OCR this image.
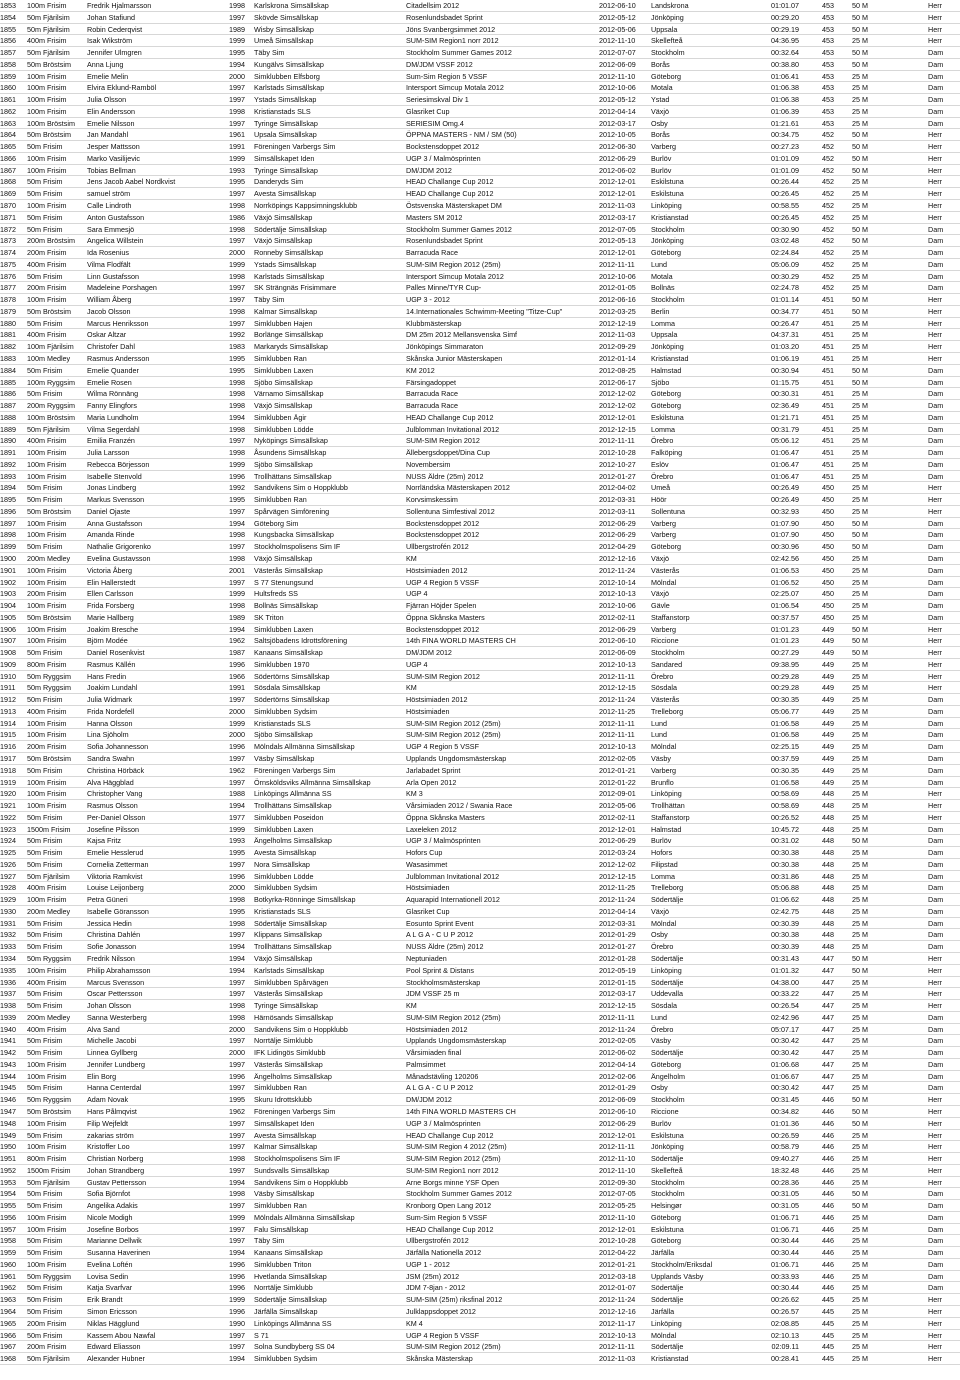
1853	100m Frisim	Fredrik Hjalmarsson	1998	Karlskrona Simsällskap	Citadellsim 2012	2012-06-10	Landskrona	01:01.07	453	50 M	Herr
1854	50m Fjärilsim	Johan Stafiund	1997	Skövde Simsällskap	Rosenlundsbadet Sprint	2012-05-12	Jönköping	00:29.20	453	50 M	Herr
1855	50m Fjärilsim	Robin Cederqvist	1989	Wisby Simsällskap	Jöns Svanbergsimmet 2012	2012-05-06	Uppsala	00:29.19	453	50 M	Herr
1856	400m Frisim	Isak Wikström	1999	Umeå Simsällskap	SUM-SIM Region1 norr 2012	2012-11-10	Skellefteå	04:36.95	453	25 M	Herr
1857	50m Fjärilsim	Jennifer Ulmgren	1995	Täby Sim	Stockholm Summer Games 2012	2012-07-07	Stockholm	00:32.64	453	50 M	Dam
1858	50m Bröstsim	Anna Ljung	1994	Kungälvs Simsällskap	DM/JDM VSSF 2012	2012-06-09	Borås	00:38.80	453	50 M	Dam
1859	100m Frisim	Emelie Melin	2000	Simklubben Elfsborg	Sum-Sim Region 5 VSSF	2012-11-10	Göteborg	01:06.41	453	25 M	Dam
1860	100m Frisim	Elvira Eklund-Ramböl	1997	Karlstads Simsällskap	Intersport Simcup Motala 2012	2012-10-06	Motala	01:06.38	453	25 M	Dam
1861	100m Frisim	Julia Olsson	1997	Ystads Simsällskap	Seriesimskval Div 1	2012-05-12	Ystad	01:06.38	453	25 M	Dam
1862	100m Frisim	Elin Andersson	1998	Kristianstads SLS	Glasriket Cup	2012-04-14	Växjö	01:06.39	453	25 M	Dam
1863	100m Bröstsim	Emelie Nilsson	1997	Tyringe Simsällskap	SERIESIM Omg.4	2012-03-17	Osby	01:21.61	453	25 M	Dam
1864	50m Bröstsim	Jan Mandahl	1961	Upsala Simsällskap	ÖPPNA MASTERS - NM / SM (50)	2012-10-05	Borås	00:34.75	452	50 M	Herr
1865	50m Frisim	Jesper Mattsson	1991	Föreningen Varbergs Sim	Bockstensdoppet 2012	2012-06-30	Varberg	00:27.23	452	50 M	Herr
1866	100m Frisim	Marko Vasilijevic	1999	Simsällskapet Iden	UGP 3 / Malmösprinten	2012-06-29	Burlöv	01:01.09	452	50 M	Herr
1867	100m Frisim	Tobias Bellman	1993	Tyringe Simsällskap	DM/JDM 2012	2012-06-02	Burlöv	01:01.09	452	50 M	Herr
1868	50m Frisim	Jens Jacob Aabel Nordkvist	1995	Danderyds Sim	HEAD Challange Cup 2012	2012-12-01	Eskilstuna	00:26.44	452	25 M	Herr
1869	50m Frisim	samuel ström	1997	Avesta Simsällskap	HEAD Challange Cup 2012	2012-12-01	Eskilstuna	00:26.45	452	25 M	Herr
1870	100m Frisim	Calle Lindroth	1998	Norrköpings Kappsimningsklubb	Östsvenska Mästerskapet DM	2012-11-03	Linköping	00:58.55	452	25 M	Herr
1871	50m Frisim	Anton Gustafsson	1986	Växjö Simsällskap	Masters SM 2012	2012-03-17	Kristianstad	00:26.45	452	25 M	Herr
1872	50m Frisim	Sara Emmesjö	1998	Södertälje Simsällskap	Stockholm Summer Games 2012	2012-07-05	Stockholm	00:30.90	452	50 M	Dam
1873	200m Bröstsim	Angelica Willstein	1997	Växjö Simsällskap	Rosenlundsbadet Sprint	2012-05-13	Jönköping	03:02.48	452	50 M	Dam
1874	200m Frisim	Ida Rosenius	2000	Ronneby Simsällskap	Barracuda Race	2012-12-01	Göteborg	02:24.84	452	25 M	Dam
1875	400m Frisim	Vilma Flodfält	1999	Ystads Simsällskap	SUM-SIM Region 2012 (25m)	2012-11-11	Lund	05:06.09	452	25 M	Dam
1876	50m Frisim	Linn Gustafsson	1998	Karlstads Simsällskap	Intersport Simcup Motala 2012	2012-10-06	Motala	00:30.29	452	25 M	Dam
1877	200m Frisim	Madeleine Porshagen	1997	SK Strängnäs Frisimmare	Palles Minne/TYR Cup-	2012-01-05	Bollnäs	02:24.78	452	25 M	Dam
1878	100m Frisim	William Åberg	1997	Täby Sim	UGP 3 - 2012	2012-06-16	Stockholm	01:01.14	451	50 M	Herr
1879	50m Bröstsim	Jacob Olsson	1998	Kalmar Simsällskap	14.Internationales Schwimm-Meeting "Titze-Cup"	2012-03-25	Berlin	00:34.77	451	50 M	Herr
1880	50m Frisim	Marcus Henriksson	1997	Simklubben Hajen	Klubbmästerskap	2012-12-19	Lomma	00:26.47	451	25 M	Herr
1881	400m Frisim	Oskar Altzar	1992	Borlänge Simsällskap	DM 25m 2012 Mellansvenska Simf	2012-11-03	Uppsala	04:37.31	451	25 M	Herr
1882	100m Fjärilsim	Christofer Dahl	1983	Markaryds Simsällskap	Jönköpings Simmaraton	2012-09-29	Jönköping	01:03.20	451	25 M	Herr
1883	100m Medley	Rasmus Andersson	1995	Simklubben Ran	Skånska Junior Mästerskapen	2012-01-14	Kristianstad	01:06.19	451	25 M	Herr
1884	50m Frisim	Emelie Quander	1995	Simklubben Laxen	KM 2012	2012-08-25	Halmstad	00:30.94	451	50 M	Dam
1885	100m Ryggsim	Emelie Rosen	1998	Sjöbo Simsällskap	Färsingadoppet	2012-06-17	Sjöbo	01:15.75	451	50 M	Dam
1886	50m Frisim	Wilma Rönnäng	1998	Värnamo Simsällskap	Barracuda Race	2012-12-02	Göteborg	00:30.31	451	25 M	Dam
1887	200m Ryggsim	Fanny Elingfors	1998	Växjö Simsällskap	Barracuda Race	2012-12-02	Göteborg	02:36.49	451	25 M	Dam
1888	100m Bröstsim	Maria Lundholm	1994	Simklubben Ägir	HEAD Challange Cup 2012	2012-12-01	Eskilstuna	01:21.71	451	25 M	Dam
1889	50m Fjärilsim	Vilma Segerdahl	1998	Simklubben Lödde	Julblomman Invitational 2012	2012-12-15	Lomma	00:31.79	451	25 M	Dam
1890	400m Frisim	Emilia Franzén	1997	Nyköpings Simsällskap	SUM-SIM Region 2012	2012-11-11	Örebro	05:06.12	451	25 M	Dam
1891	100m Frisim	Julia Larsson	1998	Åsundens Simsällskap	Ällebergsdoppet/Dina Cup	2012-10-28	Falköping	01:06.47	451	25 M	Dam
1892	100m Frisim	Rebecca Börjesson	1999	Sjöbo Simsällskap	Novembersim	2012-10-27	Eslöv	01:06.47	451	25 M	Dam
1893	100m Frisim	Isabelle Stenvold	1996	Trollhättans Simsällskap	NUSS Äldre (25m) 2012	2012-01-27	Örebro	01:06.47	451	25 M	Dam
1894	50m Frisim	Jonas Lindberg	1992	Sandvikens Sim o Hoppklubb	Norrländska Mästerskapen 2012	2012-04-02	Umeå	00:26.49	450	25 M	Herr
1895	50m Frisim	Markus Svensson	1995	Simklubben Ran	Korvsimskessim	2012-03-31	Höör	00:26.49	450	25 M	Herr
1896	50m Bröstsim	Daniel Ojaste	1997	Spårvägen Simförening	Sollentuna Simfestival 2012	2012-03-11	Sollentuna	00:32.93	450	25 M	Herr
1897	100m Frisim	Anna Gustafsson	1994	Göteborg Sim	Bockstensdoppet 2012	2012-06-29	Varberg	01:07.90	450	50 M	Dam
1898	100m Frisim	Amanda Rinde	1998	Kungsbacka Simsällskap	Bockstensdoppet 2012	2012-06-29	Varberg	01:07.90	450	50 M	Dam
1899	50m Frisim	Nathalie Grigorenko	1997	Stockholmspolisens Sim IF	Ullbergstrofén 2012	2012-04-29	Göteborg	00:30.96	450	50 M	Dam
1900	200m Medley	Evelina Gustavsson	1998	Växjö Simsällskap	KM	2012-12-16	Växjö	02:42.56	450	25 M	Dam
1901	100m Frisim	Victoria Åberg	2001	Västerås Simsällskap	Höstsimiaden 2012	2012-11-24	Västerås	01:06.53	450	25 M	Dam
1902	100m Frisim	Elin Hallerstedt	1997	S 77 Stenungsund	UGP 4 Region 5 VSSF	2012-10-14	Mölndal	01:06.52	450	25 M	Dam
1903	200m Frisim	Ellen Carlsson	1999	Hultsfreds SS	UGP 4	2012-10-13	Växjö	02:25.07	450	25 M	Dam
1904	100m Frisim	Frida Forsberg	1998	Bollnäs Simsällskap	Fjärran Höjder Spelen	2012-10-06	Gävle	01:06.54	450	25 M	Dam
1905	50m Bröstsim	Marie Hallberg	1989	SK Triton	Öppna Skånska Masters	2012-02-11	Staffanstorp	00:37.57	450	25 M	Dam
1906	100m Frisim	Joakim Bresche	1994	Simklubben Laxen	Bockstensdoppet 2012	2012-06-29	Varberg	01:01.23	449	50 M	Herr
1907	100m Frisim	Björn Modée	1962	Saltsjöbadens Idrottsförening	14th FINA WORLD MASTERS CH	2012-06-10	Riccione	01:01.23	449	50 M	Herr
1908	50m Frisim	Daniel Rosenkvist	1987	Kanaans Simsällskap	DM/JDM 2012	2012-06-09	Stockholm	00:27.29	449	50 M	Herr
1909	800m Frisim	Rasmus Källén	1996	Simklubben 1970	UGP 4	2012-10-13	Sandared	09:38.95	449	25 M	Herr
1910	50m Ryggsim	Hans Fredin	1966	Södertörns Simsällskap	SUM-SIM Region 2012	2012-11-11	Örebro	00:29.28	449	25 M	Herr
1911	50m Ryggsim	Joakim Lundahl	1991	Sösdala Simsällskap	KM	2012-12-15	Sösdala	00:29.28	449	25 M	Herr
1912	50m Frisim	Julia Widmark	1997	Södertörns Simsällskap	Höstsimiaden 2012	2012-11-24	Västerås	00:30.35	449	25 M	Dam
1913	400m Frisim	Frida Nordefell	2000	Simklubben Sydsim	Höstsimiaden	2012-11-25	Trelleborg	05:06.77	449	25 M	Dam
1914	100m Frisim	Hanna Olsson	1999	Kristianstads SLS	SUM-SIM Region 2012 (25m)	2012-11-11	Lund	01:06.58	449	25 M	Dam
1915	100m Frisim	Lina Sjöholm	2000	Sjöbo Simsällskap	SUM-SIM Region 2012 (25m)	2012-11-11	Lund	01:06.58	449	25 M	Dam
1916	200m Frisim	Sofia Johannesson	1996	Mölndals Allmänna Simsällskap	UGP 4 Region 5 VSSF	2012-10-13	Mölndal	02:25.15	449	25 M	Dam
1917	50m Bröstsim	Sandra Swahn	1997	Väsby Simsällskap	Upplands Ungdomsmästerskap	2012-02-05	Väsby	00:37.59	449	25 M	Dam
1918	50m Frisim	Christina Hörbäck	1962	Föreningen Varbergs Sim	Jarlabadet Sprint	2012-01-21	Varberg	00:30.35	449	25 M	Dam
1919	100m Frisim	Alva Häggblad	1997	Örnsköldsviks Allmänna Simsällskap	Arla Open 2012	2012-01-22	Brunflo	01:06.58	449	25 M	Dam
1920	100m Frisim	Christopher Vang	1988	Linköpings Allmänna SS	KM 3	2012-09-01	Linköping	00:58.69	448	25 M	Herr
1921	100m Frisim	Rasmus Olsson	1994	Trollhättans Simsällskap	Vårsimiaden 2012 / Swania Race	2012-05-06	Trollhättan	00:58.69	448	25 M	Herr
1922	50m Frisim	Per-Daniel Olsson	1977	Simklubben Poseidon	Öppna Skånska Masters	2012-02-11	Staffanstorp	00:26.52	448	25 M	Herr
1923	1500m Frisim	Josefine Pilsson	1999	Simklubben Laxen	Laxeleken 2012	2012-12-01	Halmstad	10:45.72	448	25 M	Dam
1924	50m Frisim	Kajsa Fritz	1993	Ängelholms Simsällskap	UGP 3 / Malmösprinten	2012-06-29	Burlöv	00:31.02	448	50 M	Dam
1925	50m Frisim	Emelie Hesslerud	1995	Avesta Simsällskap	Hofors Cup	2012-03-24	Hofors	00:30.38	448	25 M	Dam
1926	50m Frisim	Cornelia Zetterman	1997	Nora Simsällskap	Wasasimmet	2012-12-02	Filipstad	00:30.38	448	25 M	Dam
1927	50m Fjärilsim	Viktoria Ramkvist	1996	Simklubben Lödde	Julblomman Invitational 2012	2012-12-15	Lomma	00:31.86	448	25 M	Dam
1928	400m Frisim	Louise Leijonberg	2000	Simklubben Sydsim	Höstsimiaden	2012-11-25	Trelleborg	05:06.88	448	25 M	Dam
1929	100m Frisim	Petra Güneri	1998	Botkyrka-Rönninge Simsällskap	Aquarapid Internationell 2012	2012-11-24	Södertälje	01:06.62	448	25 M	Dam
1930	200m Medley	Isabelle Göransson	1995	Kristianstads SLS	Glasriket Cup	2012-04-14	Växjö	02:42.75	448	25 M	Dam
1931	50m Frisim	Jessica Hedin	1998	Södertälje Simsällskap	Eosunto Sprint Event	2012-03-31	Mölndal	00:30.39	448	25 M	Dam
1932	50m Frisim	Christina Dahlén	1997	Klippans Simsällskap	A L G A - C U P 2012	2012-01-29	Osby	00:30.38	448	25 M	Dam
1933	50m Frisim	Sofie Jonasson	1994	Trollhättans Simsällskap	NUSS Äldre (25m) 2012	2012-01-27	Örebro	00:30.39	448	25 M	Dam
1934	50m Ryggsim	Fredrik Nilsson	1994	Växjö Simsällskap	Neptuniaden	2012-01-28	Södertälje	00:31.43	447	50 M	Herr
1935	100m Frisim	Philip Abrahamsson	1994	Karlstads Simsällskap	Pool Sprint & Distans	2012-05-19	Linköping	01:01.32	447	50 M	Herr
1936	400m Frisim	Marcus Svensson	1997	Simklubben Spårvägen	Stockholmsmästerskap	2012-01-15	Södertälje	04:38.00	447	25 M	Herr
1937	50m Frisim	Oscar Pettersson	1997	Västerås Simsällskap	JDM VSSF 25 m	2012-03-17	Uddevalla	00:33.22	447	25 M	Herr
1938	50m Frisim	Johan Olsson	1998	Tyringe Simsällskap	KM	2012-12-15	Sösdala	00:26.54	447	25 M	Herr
1939	200m Medley	Sanna Westerberg	1998	Härnösands Simsällskap	SUM-SIM Region 2012 (25m)	2012-11-11	Lund	02:42.96	447	25 M	Dam
1940	400m Frisim	Alva Sand	2000	Sandvikens Sim o Hoppklubb	Höstsimiaden 2012	2012-11-24	Örebro	05:07.17	447	25 M	Dam
1941	50m Frisim	Michelle Jacobi	1997	Norrtälje Simklubb	Upplands Ungdomsmästerskap	2012-02-05	Väsby	00:30.42	447	25 M	Dam
1942	50m Frisim	Linnea Gyllberg	2000	IFK Lidingös Simklubb	Vårsimiaden final	2012-06-02	Södertälje	00:30.42	447	25 M	Dam
1943	100m Frisim	Jennifer Lundberg	1997	Västerås Simsällskap	Palmsimmet	2012-04-14	Göteborg	01:06.68	447	25 M	Dam
1944	100m Frisim	Elin Borg	1996	Ängelholms Simsällskap	Månadstävling 120206	2012-02-06	Ängelholm	01:06.67	447	25 M	Dam
1945	50m Frisim	Hanna Centerdal	1997	Simklubben Ran	A L G A - C U P 2012	2012-01-29	Osby	00:30.42	447	25 M	Dam
1946	50m Ryggsim	Adam Novak	1995	Skuru Idrottsklubb	DM/JDM 2012	2012-06-09	Stockholm	00:31.45	446	50 M	Herr
1947	50m Bröstsim	Hans Pålmqvist	1962	Föreningen Varbergs Sim	14th FINA WORLD MASTERS CH	2012-06-10	Riccione	00:34.82	446	50 M	Herr
1948	100m Frisim	Filip Wejfeldt	1997	Simsällskapet Iden	UGP 3 / Malmösprinten	2012-06-29	Burlöv	01:01.36	446	50 M	Herr
1949	50m Frisim	zakarias ström	1997	Avesta Simsällskap	HEAD Challange Cup 2012	2012-12-01	Eskilstuna	00:26.59	446	25 M	Herr
1950	100m Frisim	Kristoffer Loo	1997	Kalmar Simsällskap	SUM-SIM Region 4 2012 (25m)	2012-11-11	Jönköping	00:58.79	446	25 M	Herr
1951	800m Frisim	Christian Norberg	1998	Stockholmspolisens Sim IF	SUM-SIM Region 2012 (25m)	2012-11-10	Södertälje	09:40.27	446	25 M	Herr
1952	1500m Frisim	Johan Strandberg	1997	Sundsvalls Simsällskap	SUM-SIM Region1 norr 2012	2012-11-10	Skellefteå	18:32.48	446	25 M	Herr
1953	50m Fjärilsim	Gustav Pettersson	1994	Sandvikens Sim o Hoppklubb	Arne Borgs minne YSF Open	2012-09-30	Stockholm	00:28.36	446	25 M	Herr
1954	50m Frisim	Sofia Björnfot	1998	Väsby Simsällskap	Stockholm Summer Games 2012	2012-07-05	Stockholm	00:31.05	446	50 M	Dam
1955	50m Frisim	Angelika Adakis	1997	Simklubben Ran	Kronborg Open Lang 2012	2012-05-25	Helsingør	00:31.05	446	50 M	Dam
1956	100m Frisim	Nicole Modigh	1999	Mölndals Allmänna Simsällskap	Sum-Sim Region 5 VSSF	2012-11-10	Göteborg	01:06.71	446	25 M	Dam
1957	100m Frisim	Josefine Borbos	1997	Falu Simsällskap	HEAD Challange Cup 2012	2012-12-01	Eskilstuna	01:06.71	446	25 M	Dam
1958	50m Frisim	Marianne Dellwik	1997	Täby Sim	Ullbergstrofén 2012	2012-10-28	Göteborg	00:30.44	446	25 M	Dam
1959	50m Frisim	Susanna Haverinen	1994	Kanaans Simsällskap	Järfälla Nationella 2012	2012-04-22	Järfälla	00:30.44	446	25 M	Dam
1960	100m Frisim	Evelina Loftén	1996	Simklubben Triton	UGP 1 - 2012	2012-01-21	Stockholm/Eriksdal	01:06.71	446	25 M	Dam
1961	50m Ryggsim	Lovisa Sedin	1996	Hvetlanda Simsällskap	JSM (25m) 2012	2012-03-18	Upplands Väsby	00:33.93	446	25 M	Dam
1962	50m Frisim	Katja Svarfvar	1996	Norrtälje Simklubb	JDM 7-8jan - 2012	2012-01-07	Södertälje	00:30.44	446	25 M	Dam
1963	50m Frisim	Erik Brandt	1999	Södertälje Simsällskap	SUM-SIM (25m) riksfinal 2012	2012-11-24	Södertälje	00:26.62	445	25 M	Herr
1964	50m Frisim	Simon Ericsson	1996	Järfälla Simsällskap	Julklappsdoppet 2012	2012-12-16	Järfälla	00:26.57	445	25 M	Herr
1965	200m Frisim	Niklas Hägglund	1990	Linköpings Allmänna SS	KM 4	2012-11-17	Linköping	02:08.85	445	25 M	Herr
1966	50m Frisim	Kassem Abou Nawfal	1997	S 71	UGP 4 Region 5 VSSF	2012-10-13	Mölndal	02:10.13	445	25 M	Herr
1967	200m Frisim	Edward Eliasson	1997	Solna Sundbyberg SS 04	SUM-SIM Region 2012 (25m)	2012-11-11	Södertälje	02:09.11	445	25 M	Herr
1968	50m Fjärilsim	Alexander Hubner	1994	Simklubben Sydsim	Skånska Mästerskap	2012-11-03	Kristianstad	00:28.41	445	25 M	Herr
